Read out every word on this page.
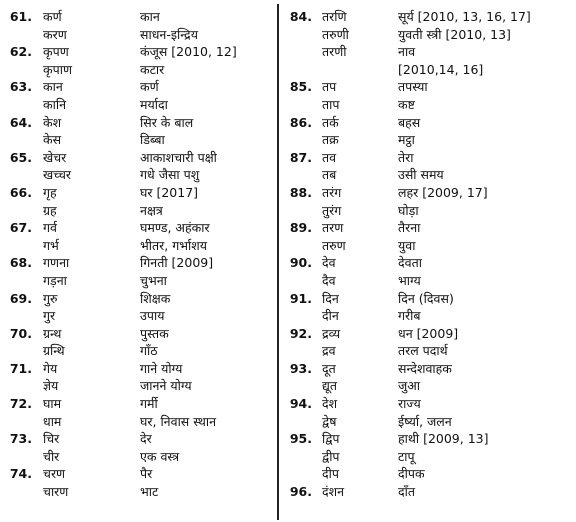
61. कर्ण	कान
करण	साधन-इन्द्रिय
62. कृपण	कंजूस [2010, 12]
कृपाण	कटार
63. कान	कर्ण
कानि	मर्यादा
64. केश	सिर के बाल
केस	डिब्बा
65. खेचर	आकाशचारी पक्षी
खच्चर	गधे जैसा पशु
66. गृह	घर [2017]
ग्रह	नक्षत्र
67. गर्व	घमण्ड, अहंकार
गर्भ	भीतर, गर्भाशय
68. गणना	गिनती [2009]
गड़ना	चुभना
69. गुरु	शिक्षक
गुर	उपाय
70. ग्रन्थ	पुस्तक
ग्रन्थि	गाँठ
71. गेय	गाने योग्य
ज्ञेय	जानने योग्य
72. घाम	गर्मी
धाम	घर, निवास स्थान
73. चिर	देर
चीर	एक वस्त्र
74. चरण	पैर
चारण	भाट
84. तरणि	सूर्य [2010, 13, 16, 17]
तरुणी	युवती स्त्री [2010, 13]
तरणी	नाव
[2010,14, 16]
85. तप	तपस्या
ताप	कष्ट
86. तर्क	बहस
तक्र	मट्ठा
87. तव	तेरा
तब	उसी समय
88. तरंग	लहर [2009, 17]
तुरंग	घोड़ा
89. तरण	तैरना
तरुण	युवा
90. देव	देवता
दैव	भाग्य
91. दिन	दिन (दिवस)
दीन	गरीब
92. द्रव्य	धन [2009]
द्रव	तरल पदार्थ
93. दूत	सन्देशवाहक
द्यूत	जुआ
94. देश	राज्य
द्वेष	ईर्ष्या, जलन
95. द्विप	हाथी [2009, 13]
द्वीप	टापू
दीप	दीपक
96. दंशन	दाँत
